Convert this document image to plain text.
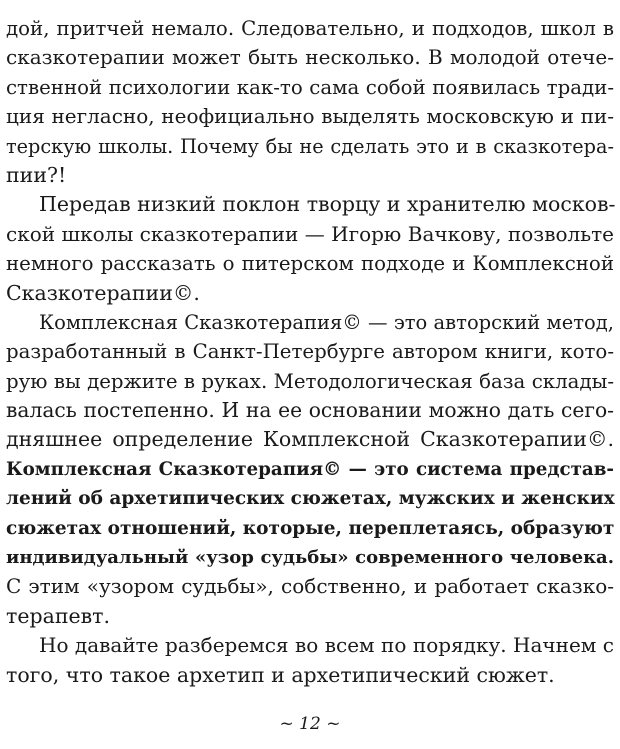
дой, притчей немало. Следовательно, и подходов, школ в
сказкотерапии может быть несколько. В молодой отече-
ственной психологии как-то сама собой появилась тради-
ция негласно, неофициально выделять московскую и пи-
терскую школы. Почему бы не сделать это и в сказкотера-
пии?!
Передав низкий поклон творцу и хранителю москов-
ской школы сказкотерапии — Игорю Вачкову, позвольте
немного рассказать о питерском подходе и Комплексной
Сказкотерапии©.
Комплексная Сказкотерапия© — это авторский метод,
разработанный в Санкт-Петербурге автором книги, кото-
рую вы держите в руках. Методологическая база склады-
валась постепенно. И на ее основании можно дать сего-
дняшнее определение Комплексной Сказкотерапии©.
Комплексная Сказкотерапия© — это система представ-
лений об архетипических сюжетах, мужских и женских
сюжетах отношений, которые, переплетаясь, образуют
индивидуальный «узор судьбы» современного человека.
С этим «узором судьбы», собственно, и работает сказко-
терапевт.
Но давайте разберемся во всем по порядку. Начнем с
того, что такое архетип и архетипический сюжет.
~ 12 ~
